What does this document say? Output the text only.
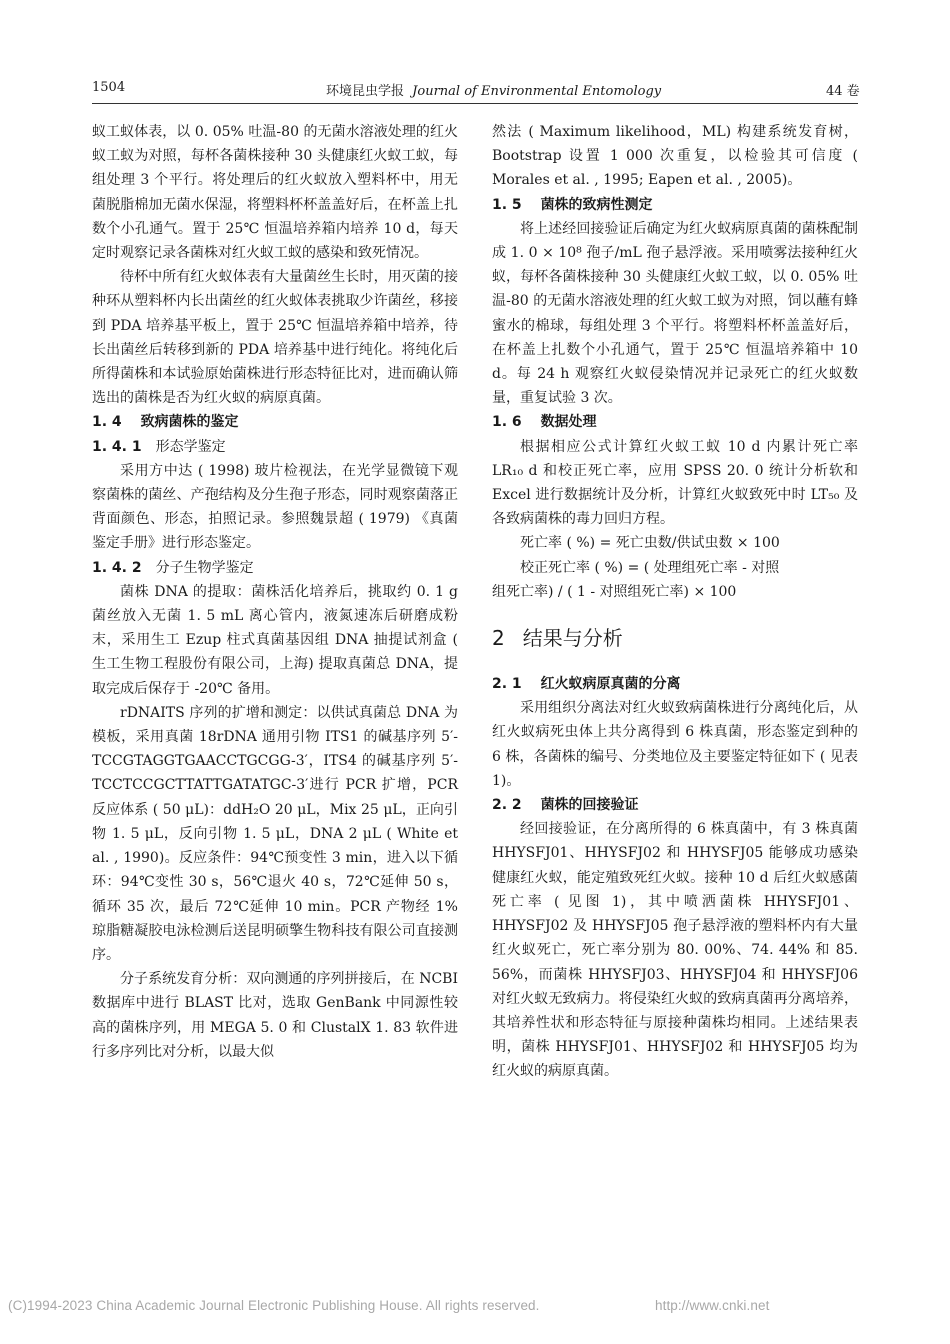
1504	环境昆虫学报 Journal of Environmental Entomology	44 卷

蚁工蚁体表，以 0. 05% 吐温-80 的无菌水溶液处理的红火蚁工蚁为对照，每杯各菌株接种 30 头健康红火蚁工蚁，每组处理 3 个平行。将处理后的红火蚁放入塑料杯中，用无菌脱脂棉加无菌水保湿，将塑料杯杯盖盖好后，在杯盖上扎数个小孔通气。置于 25℃ 恒温培养箱内培养 10 d，每天定时观察记录各菌株对红火蚁工蚁的感染和致死情况。

待杯中所有红火蚁体表有大量菌丝生长时，用灭菌的接种环从塑料杯内长出菌丝的红火蚁体表挑取少许菌丝，移接到 PDA 培养基平板上，置于 25℃ 恒温培养箱中培养，待长出菌丝后转移到新的 PDA 培养基中进行纯化。将纯化后所得菌株和本试验原始菌株进行形态特征比对，进而确认筛选出的菌株是否为红火蚁的病原真菌。

1. 4 致病菌株的鉴定

1. 4. 1 形态学鉴定

采用方中达 ( 1998) 玻片检视法，在光学显微镜下观察菌株的菌丝、产孢结构及分生孢子形态，同时观察菌落正背面颜色、形态，拍照记录。参照魏景超 ( 1979) 《真菌鉴定手册》进行形态鉴定。

1. 4. 2 分子生物学鉴定

菌株 DNA 的提取：菌株活化培养后，挑取约 0. 1 g 菌丝放入无菌 1. 5 mL 离心管内，液氮速冻后研磨成粉末，采用生工 Ezup 柱式真菌基因组 DNA 抽提试剂盒 ( 生工生物工程股份有限公司，上海) 提取真菌总 DNA，提取完成后保存于 -20℃ 备用。

rDNAITS 序列的扩增和测定：以供试真菌总 DNA 为模板，采用真菌 18rDNA 通用引物 ITS1 的碱基序列 5′-TCCGTAGGTGAACCTGCGG-3′，ITS4 的碱基序列 5′-TCCTCCGCTTATTGATATGC-3′进行 PCR 扩增，PCR 反应体系 ( 50 μL)：ddH₂O 20 μL，Mix 25 μL，正向引物 1. 5 μL，反向引物 1. 5 μL，DNA 2 μL ( White et al. , 1990)。反应条件：94℃预变性 3 min，进入以下循环：94℃变性 30 s，56℃退火 40 s，72℃延伸 50 s，循环 35 次，最后 72℃延伸 10 min。PCR 产物经 1% 琼脂糖凝胶电泳检测后送昆明硕擎生物科技有限公司直接测序。

分子系统发育分析：双向测通的序列拼接后，在 NCBI 数据库中进行 BLAST 比对，选取 GenBank 中同源性较高的菌株序列，用 MEGA 5. 0 和 ClustalX 1. 83 软件进行多序列比对分析，以最大似

然法 ( Maximum likelihood，ML) 构建系统发育树，Bootstrap 设置 1 000 次重复，以检验其可信度 ( Morales et al. , 1995; Eapen et al. , 2005)。

1. 5 菌株的致病性测定

将上述经回接验证后确定为红火蚁病原真菌的菌株配制成 1. 0 × 10⁸ 孢子/mL 孢子悬浮液。采用喷雾法接种红火蚁，每杯各菌株接种 30 头健康红火蚁工蚁，以 0. 05% 吐温-80 的无菌水溶液处理的红火蚁工蚁为对照，饲以蘸有蜂蜜水的棉球，每组处理 3 个平行。将塑料杯杯盖盖好后，在杯盖上扎数个小孔通气，置于 25℃ 恒温培养箱中 10 d。每 24 h 观察红火蚁侵染情况并记录死亡的红火蚁数量，重复试验 3 次。

1. 6 数据处理

根据相应公式计算红火蚁工蚁 10 d 内累计死亡率 LR₁₀ d 和校正死亡率，应用 SPSS 20. 0 统计分析软和 Excel 进行数据统计及分析，计算红火蚁致死中时 LT₅₀ 及各致病菌株的毒力回归方程。

死亡率 ( %) = 死亡虫数/供试虫数 × 100

校正死亡率 ( %) = ( 处理组死亡率 - 对照

组死亡率) / ( 1 - 对照组死亡率) × 100

2 结果与分析

2. 1 红火蚁病原真菌的分离

采用组织分离法对红火蚁致病菌株进行分离纯化后，从红火蚁病死虫体上共分离得到 6 株真菌，形态鉴定到种的 6 株，各菌株的编号、分类地位及主要鉴定特征如下 ( 见表 1)。

2. 2 菌株的回接验证

经回接验证，在分离所得的 6 株真菌中，有 3 株真菌 HHYSFJ01、HHYSFJ02 和 HHYSFJ05 能够成功感染健康红火蚁，能定殖致死红火蚁。接种 10 d 后红火蚁感菌死亡率 ( 见图 1)，其中喷洒菌株 HHYSFJ01、HHYSFJ02 及 HHYSFJ05 孢子悬浮液的塑料杯内有大量红火蚁死亡，死亡率分别为 80. 00%、74. 44% 和 85. 56%，而菌株 HHYSFJ03、HHYSFJ04 和 HHYSFJ06 对红火蚁无致病力。将侵染红火蚁的致病真菌再分离培养，其培养性状和形态特征与原接种菌株均相同。上述结果表明，菌株 HHYSFJ01、HHYSFJ02 和 HHYSFJ05 均为红火蚁的病原真菌。

(C)1994-2023 China Academic Journal Electronic Publishing House. All rights reserved.	http://www.cnki.net
